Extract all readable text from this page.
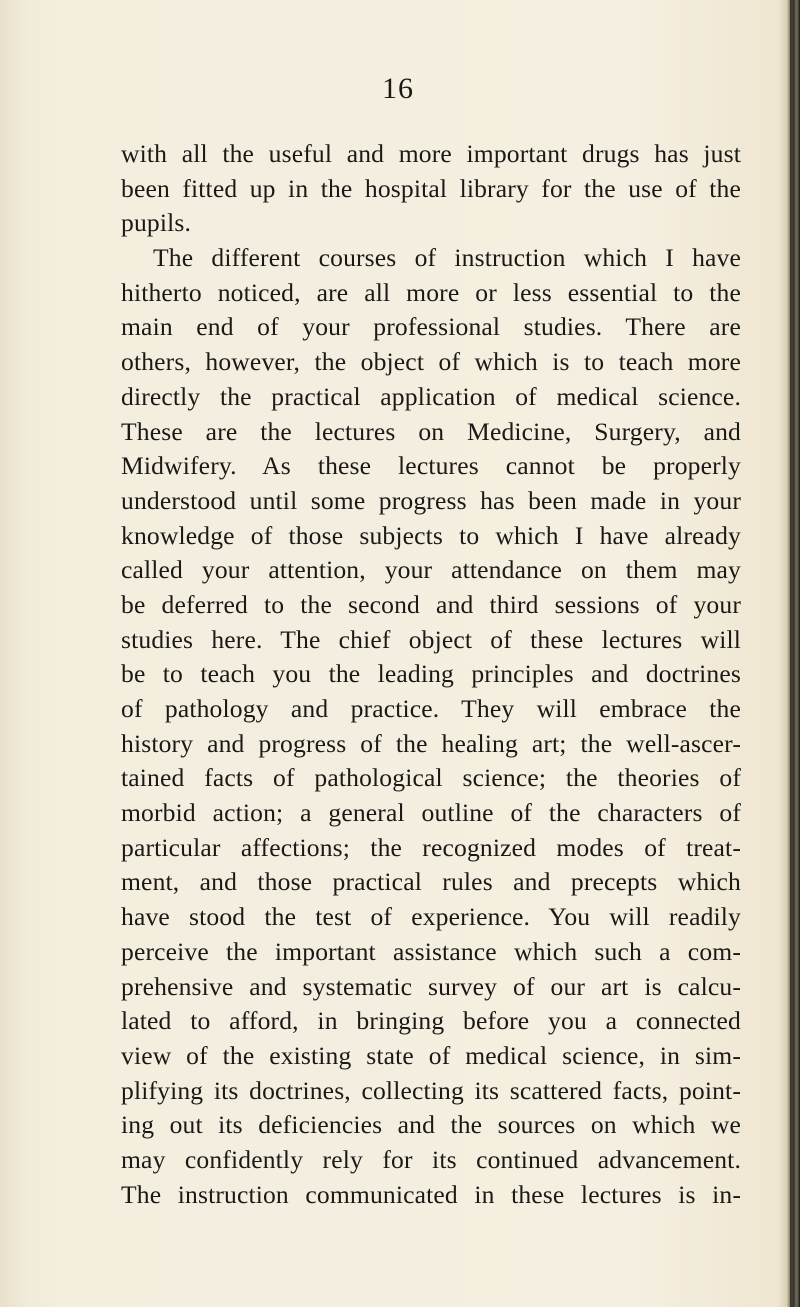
16
with all the useful and more important drugs has just
been fitted up in the hospital library for the use of the
pupils.
The different courses of instruction which I have
hitherto noticed, are all more or less essential to the
main end of your professional studies. There are
others, however, the object of which is to teach more
directly the practical application of medical science.
These are the lectures on Medicine, Surgery, and
Midwifery. As these lectures cannot be properly
understood until some progress has been made in your
knowledge of those subjects to which I have already
called your attention, your attendance on them may
be deferred to the second and third sessions of your
studies here. The chief object of these lectures will
be to teach you the leading principles and doctrines
of pathology and practice. They will embrace the
history and progress of the healing art; the well-ascer-
tained facts of pathological science; the theories of
morbid action; a general outline of the characters of
particular affections; the recognized modes of treat-
ment, and those practical rules and precepts which
have stood the test of experience. You will readily
perceive the important assistance which such a com-
prehensive and systematic survey of our art is calcu-
lated to afford, in bringing before you a connected
view of the existing state of medical science, in sim-
plifying its doctrines, collecting its scattered facts, point-
ing out its deficiencies and the sources on which we
may confidently rely for its continued advancement.
The instruction communicated in these lectures is in-
